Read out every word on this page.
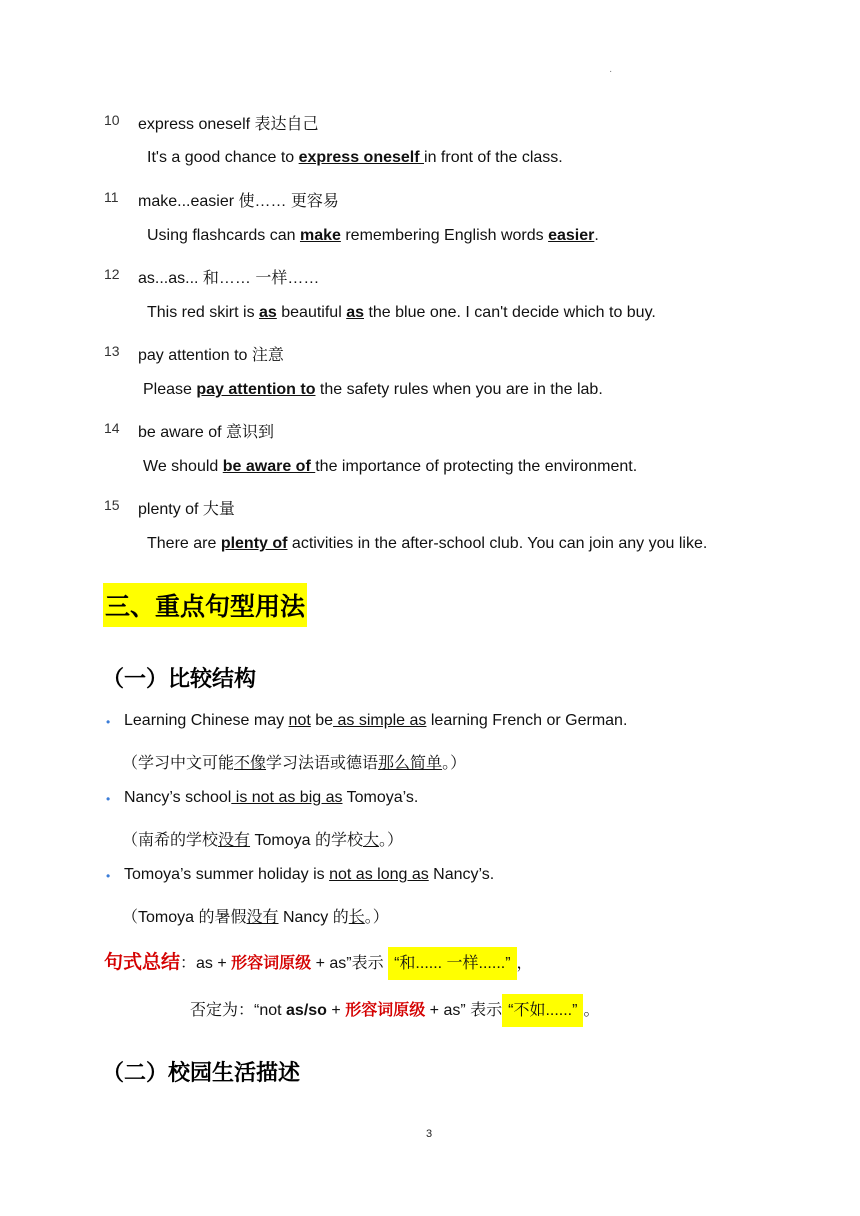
·
10 express oneself 表达自己
It's a good chance to express oneself in front of the class.
11 make...easier 使…… 更容易
Using flashcards can make remembering English words easier.
12 as...as... 和…… 一样……
This red skirt is as beautiful as the blue one. I can't decide which to buy.
13 pay attention to 注意
Please pay attention to the safety rules when you are in the lab.
14 be aware of 意识到
We should be aware of the importance of protecting the environment.
15 plenty of 大量
There are plenty of activities in the after-school club. You can join any you like.
三、重点句型用法
（一）比较结构
• Learning Chinese may not be as simple as learning French or German.
（学习中文可能不像学习法语或德语那么简单。）
• Nancy’s school is not as big as Tomoya’s.
（南希的学校没有 Tomoya 的学校大。）
• Tomoya’s summer holiday is not as long as Nancy’s.
（Tomoya 的暑假没有 Nancy 的长。）
句式总结：as + 形容词原级 + as”表示 “和...... 一样......” ，
否定为：“not as/so + 形容词原级 + as” 表示 “不如......” 。
（二）校园生活描述
3
